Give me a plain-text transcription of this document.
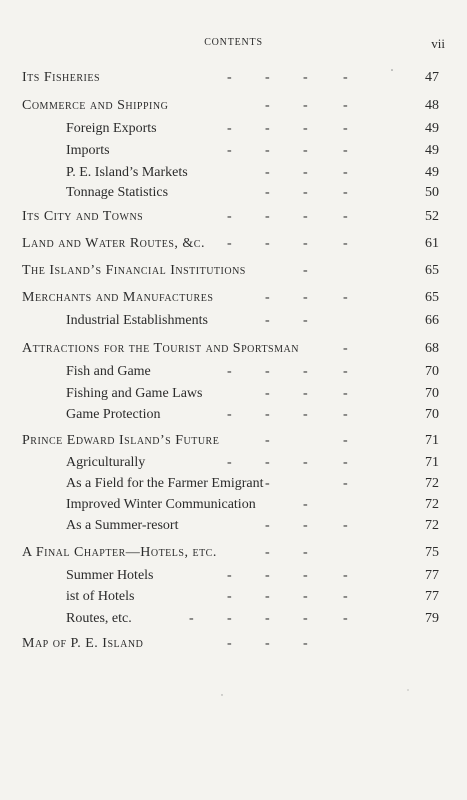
CONTENTS	vii
Its Fisheries	- - -	-	47
Commerce and Shipping	- -	-	48
Foreign Exports	- - -	-	49
Imports	- - -	-	49
P. E. Island’s Markets	- -	-	49
Tonnage Statistics	- -	-	50
Its City and Towns	- - -	-	52
Land and Water Routes, &c. - - -	-	61
The Island’s Financial Institutions	-	65
Merchants and Manufactures	- -	-	65
Industrial Establishments	- -	66
Attractions for the Tourist and Sportsman	-	68
Fish and Game	- - -	-	70
Fishing and Game Laws	- -	-	70
Game Protection	- - -	-	70
Prince Edward Island’s Future	-	-	71
Agriculturally	- - -	-	71
As a Field for the Farmer Emigrant -	-	72
Improved Winter Communication	-	72
As a Summer-resort	- -	-	72
A Final Chapter—Hotels, etc.	- -	75
Summer Hotels	- - -	-	77
ist of Hotels	- - -	-	77
Routes, etc.	- - - -	-	79
Map of P. E. Island	- - -
